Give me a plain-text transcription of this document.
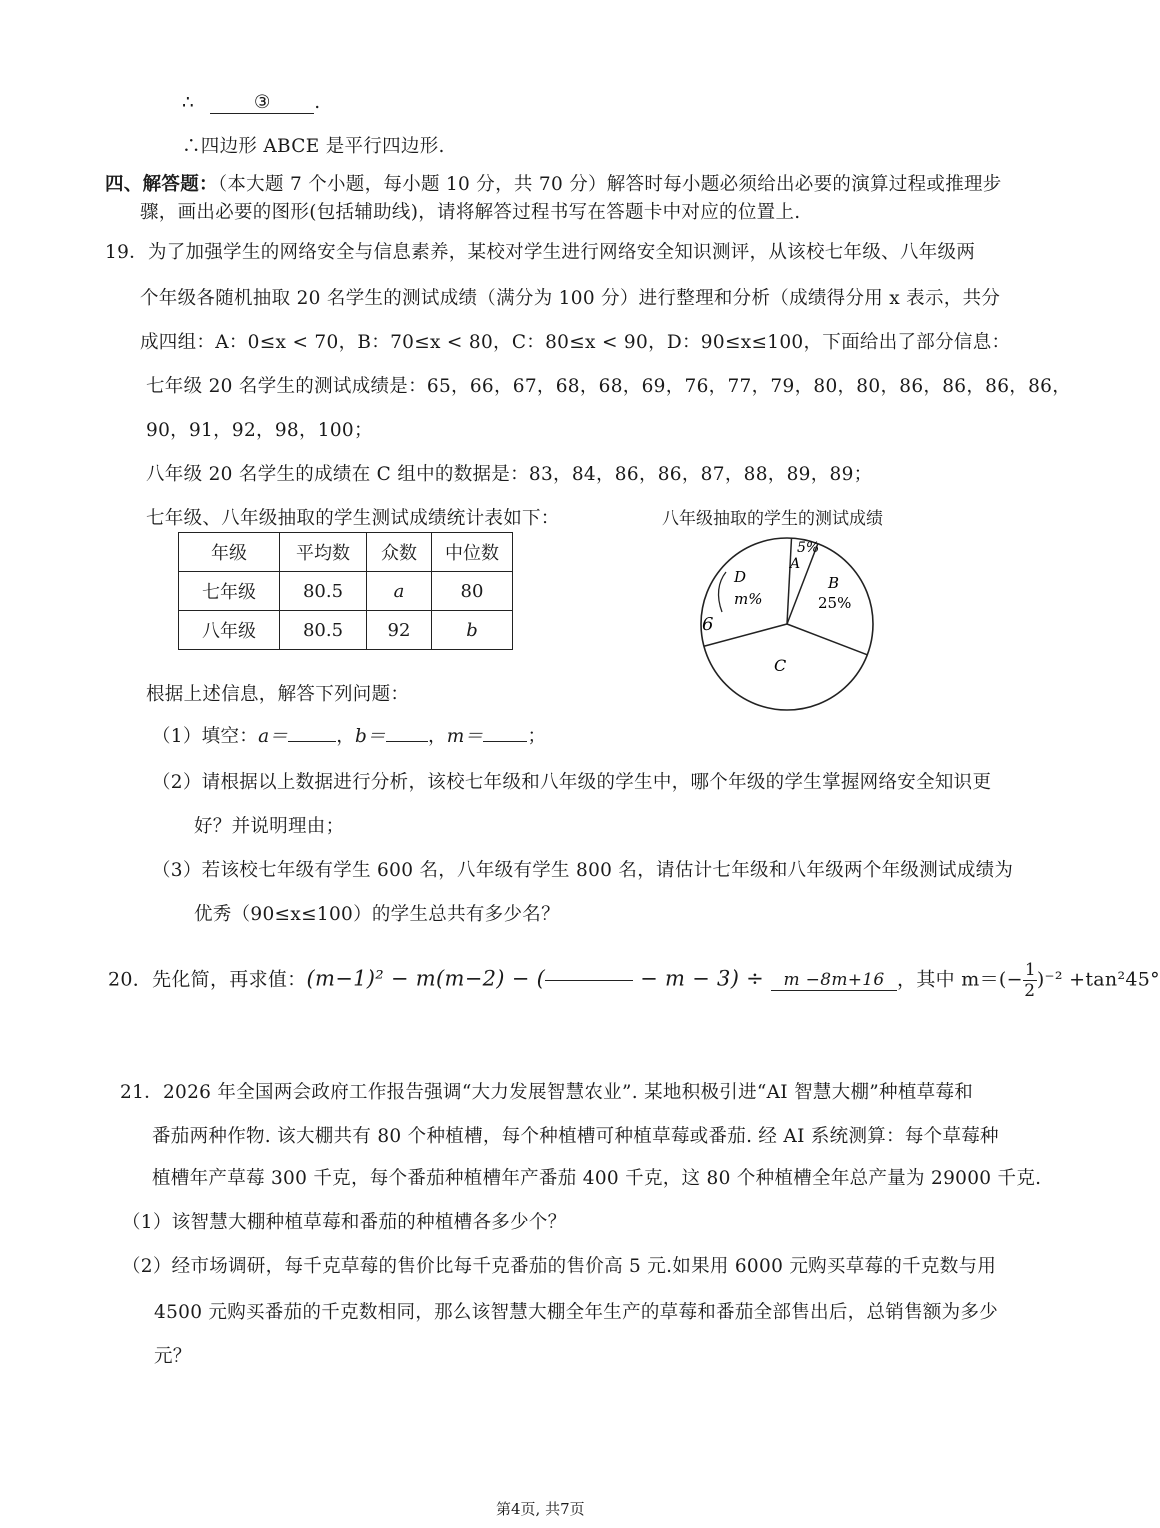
∴	③ .
∴四边形 ABCE 是平行四边形.
四、解答题：（本大题 7 个小题，每小题 10 分，共 70 分）解答时每小题必须给出必要的演算过程或推理步
骤，画出必要的图形(包括辅助线)，请将解答过程书写在答题卡中对应的位置上.
19．为了加强学生的网络安全与信息素养，某校对学生进行网络安全知识测评，从该校七年级、八年级两
个年级各随机抽取 20 名学生的测试成绩（满分为 100 分）进行整理和分析（成绩得分用 x 表示，共分
成四组：A：0≤x < 70，B：70≤x < 80，C：80≤x < 90，D：90≤x≤100，下面给出了部分信息：
七年级 20 名学生的测试成绩是：65，66，67，68，68，69，76，77，79，80，80，86，86，86，86，
90，91，92，98，100；
八年级 20 名学生的成绩在 C 组中的数据是：83，84，86，86，87，88，89，89；
七年级、八年级抽取的学生测试成绩统计表如下：
年级	平均数	众数	中位数
七年级	80.5	a	80
八年级	80.5	92	b
八年级抽取的学生的测试成绩
5%
A
B
25%
C
D
m%
6
根据上述信息，解答下列问题：
（1）填空：a＝	，b＝ ，m＝ ；
（2）请根据以上数据进行分析，该校七年级和八年级的学生中，哪个年级的学生掌握网络安全知识更
好？并说明理由；
（3）若该校七年级有学生 600 名，八年级有学生 800 名，请估计七年级和八年级两个年级测试成绩为
优秀（90≤x≤100）的学生总共有多少名？
20．先化简，再求值：(m−1)² − m(m−2) − (	− m − 3) ÷ m −8m+16 ，其中 $m=(- \frac{1}{2} )^{-2} +\tan^245^\circ$
21．2026 年全国两会政府工作报告强调“大力发展智慧农业”. 某地积极引进“AI 智慧大棚”种植草莓和
番茄两种作物. 该大棚共有 80 个种植槽，每个种植槽可种植草莓或番茄. 经 AI 系统测算：每个草莓种
植槽年产草莓 300 千克，每个番茄种植槽年产番茄 400 千克，这 80 个种植槽全年总产量为 29000 千克.
（1）该智慧大棚种植草莓和番茄的种植槽各多少个？
（2）经市场调研，每千克草莓的售价比每千克番茄的售价高 5 元.如果用 6000 元购买草莓的千克数与用
4500 元购买番茄的千克数相同，那么该智慧大棚全年生产的草莓和番茄全部售出后，总销售额为多少
元？
第4页, 共7页
